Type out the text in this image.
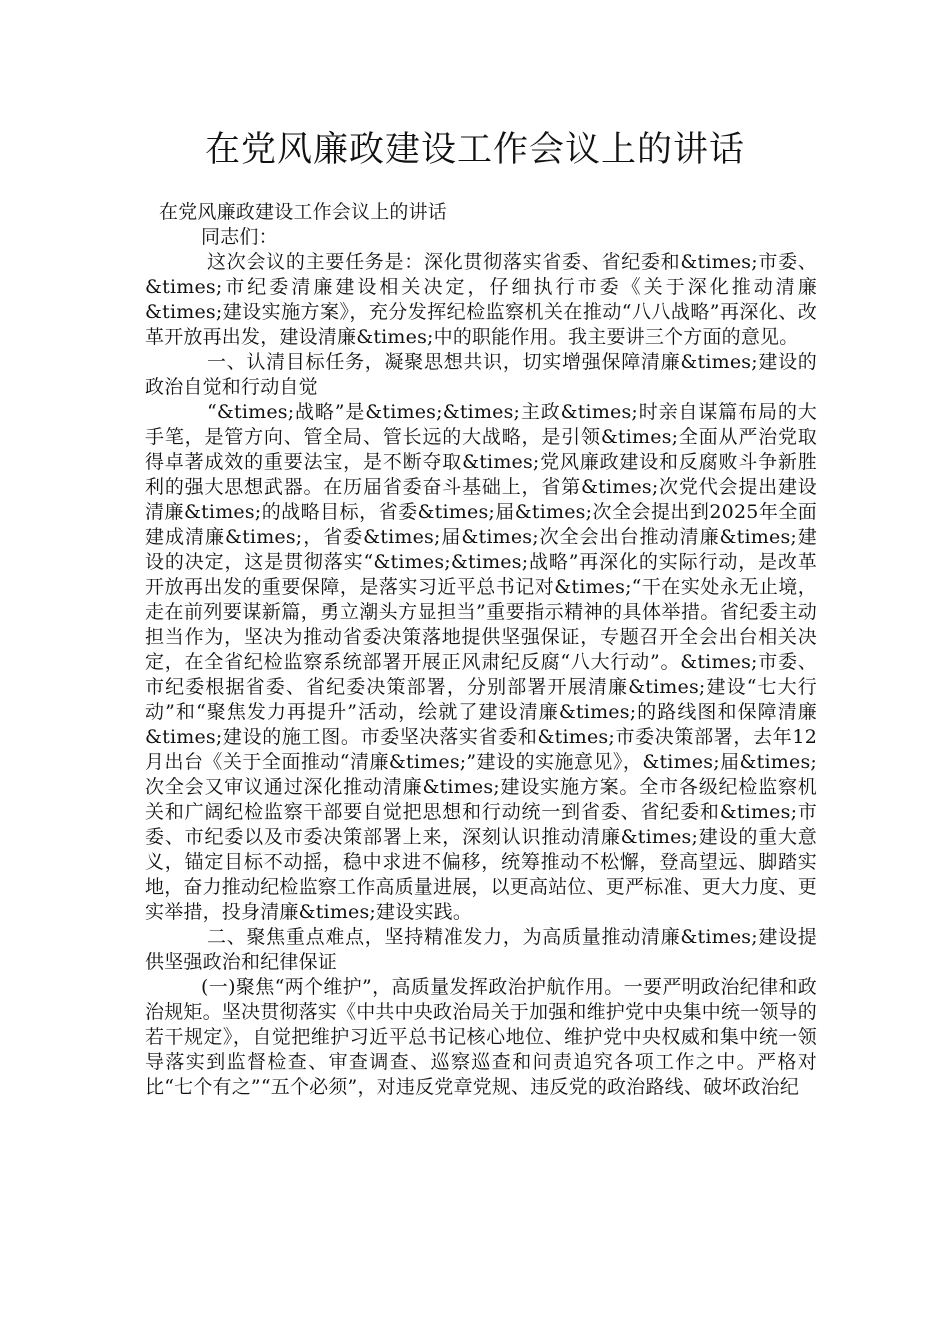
在党风廉政建设工作会议上的讲话

在党风廉政建设工作会议上的讲话

同志们：

这次会议的主要任务是：深化贯彻落实省委、省纪委和&times;市委、&times;市纪委清廉建设相关决定，仔细执行市委《关于深化推动清廉&times;建设实施方案》，充分发挥纪检监察机关在推动“八八战略”再深化、改革开放再出发，建设清廉&times;中的职能作用。我主要讲三个方面的意见。

一、认清目标任务，凝聚思想共识，切实增强保障清廉&times;建设的政治自觉和行动自觉

“&times;战略”是&times;&times;主政&times;时亲自谋篇布局的大手笔，是管方向、管全局、管长远的大战略，是引领&times;全面从严治党取得卓著成效的重要法宝，是不断夺取&times;党风廉政建设和反腐败斗争新胜利的强大思想武器。在历届省委奋斗基础上，省第&times;次党代会提出建设清廉&times;的战略目标，省委&times;届&times;次全会提出到2025年全面建成清廉&times;，省委&times;届&times;次全会出台推动清廉&times;建设的决定，这是贯彻落实“&times;&times;战略”再深化的实际行动，是改革开放再出发的重要保障，是落实习近平总书记对&times;“干在实处永无止境，走在前列要谋新篇，勇立潮头方显担当”重要指示精神的具体举措。省纪委主动担当作为，坚决为推动省委决策落地提供坚强保证，专题召开全会出台相关决定，在全省纪检监察系统部署开展正风肃纪反腐“八大行动”。&times;市委、市纪委根据省委、省纪委决策部署，分别部署开展清廉&times;建设“七大行动”和“聚焦发力再提升”活动，绘就了建设清廉&times;的路线图和保障清廉&times;建设的施工图。市委坚决落实省委和&times;市委决策部署，去年12月出台《关于全面推动“清廉&times;”建设的实施意见》，&times;届&times;次全会又审议通过深化推动清廉&times;建设实施方案。全市各级纪检监察机关和广阔纪检监察干部要自觉把思想和行动统一到省委、省纪委和&times;市委、市纪委以及市委决策部署上来，深刻认识推动清廉&times;建设的重大意义，锚定目标不动摇，稳中求进不偏移，统筹推动不松懈，登高望远、脚踏实地，奋力推动纪检监察工作高质量进展，以更高站位、更严标准、更大力度、更实举措，投身清廉&times;建设实践。

二、聚焦重点难点，坚持精准发力，为高质量推动清廉&times;建设提供坚强政治和纪律保证

(一)聚焦“两个维护”，高质量发挥政治护航作用。一要严明政治纪律和政治规矩。坚决贯彻落实《中共中央政治局关于加强和维护党中央集中统一领导的若干规定》，自觉把维护习近平总书记核心地位、维护党中央权威和集中统一领导落实到监督检查、审查调查、巡察巡查和问责追究各项工作之中。严格对比“七个有之”“五个必须”，对违反党章党规、违反党的政治路线、破坏政治纪
